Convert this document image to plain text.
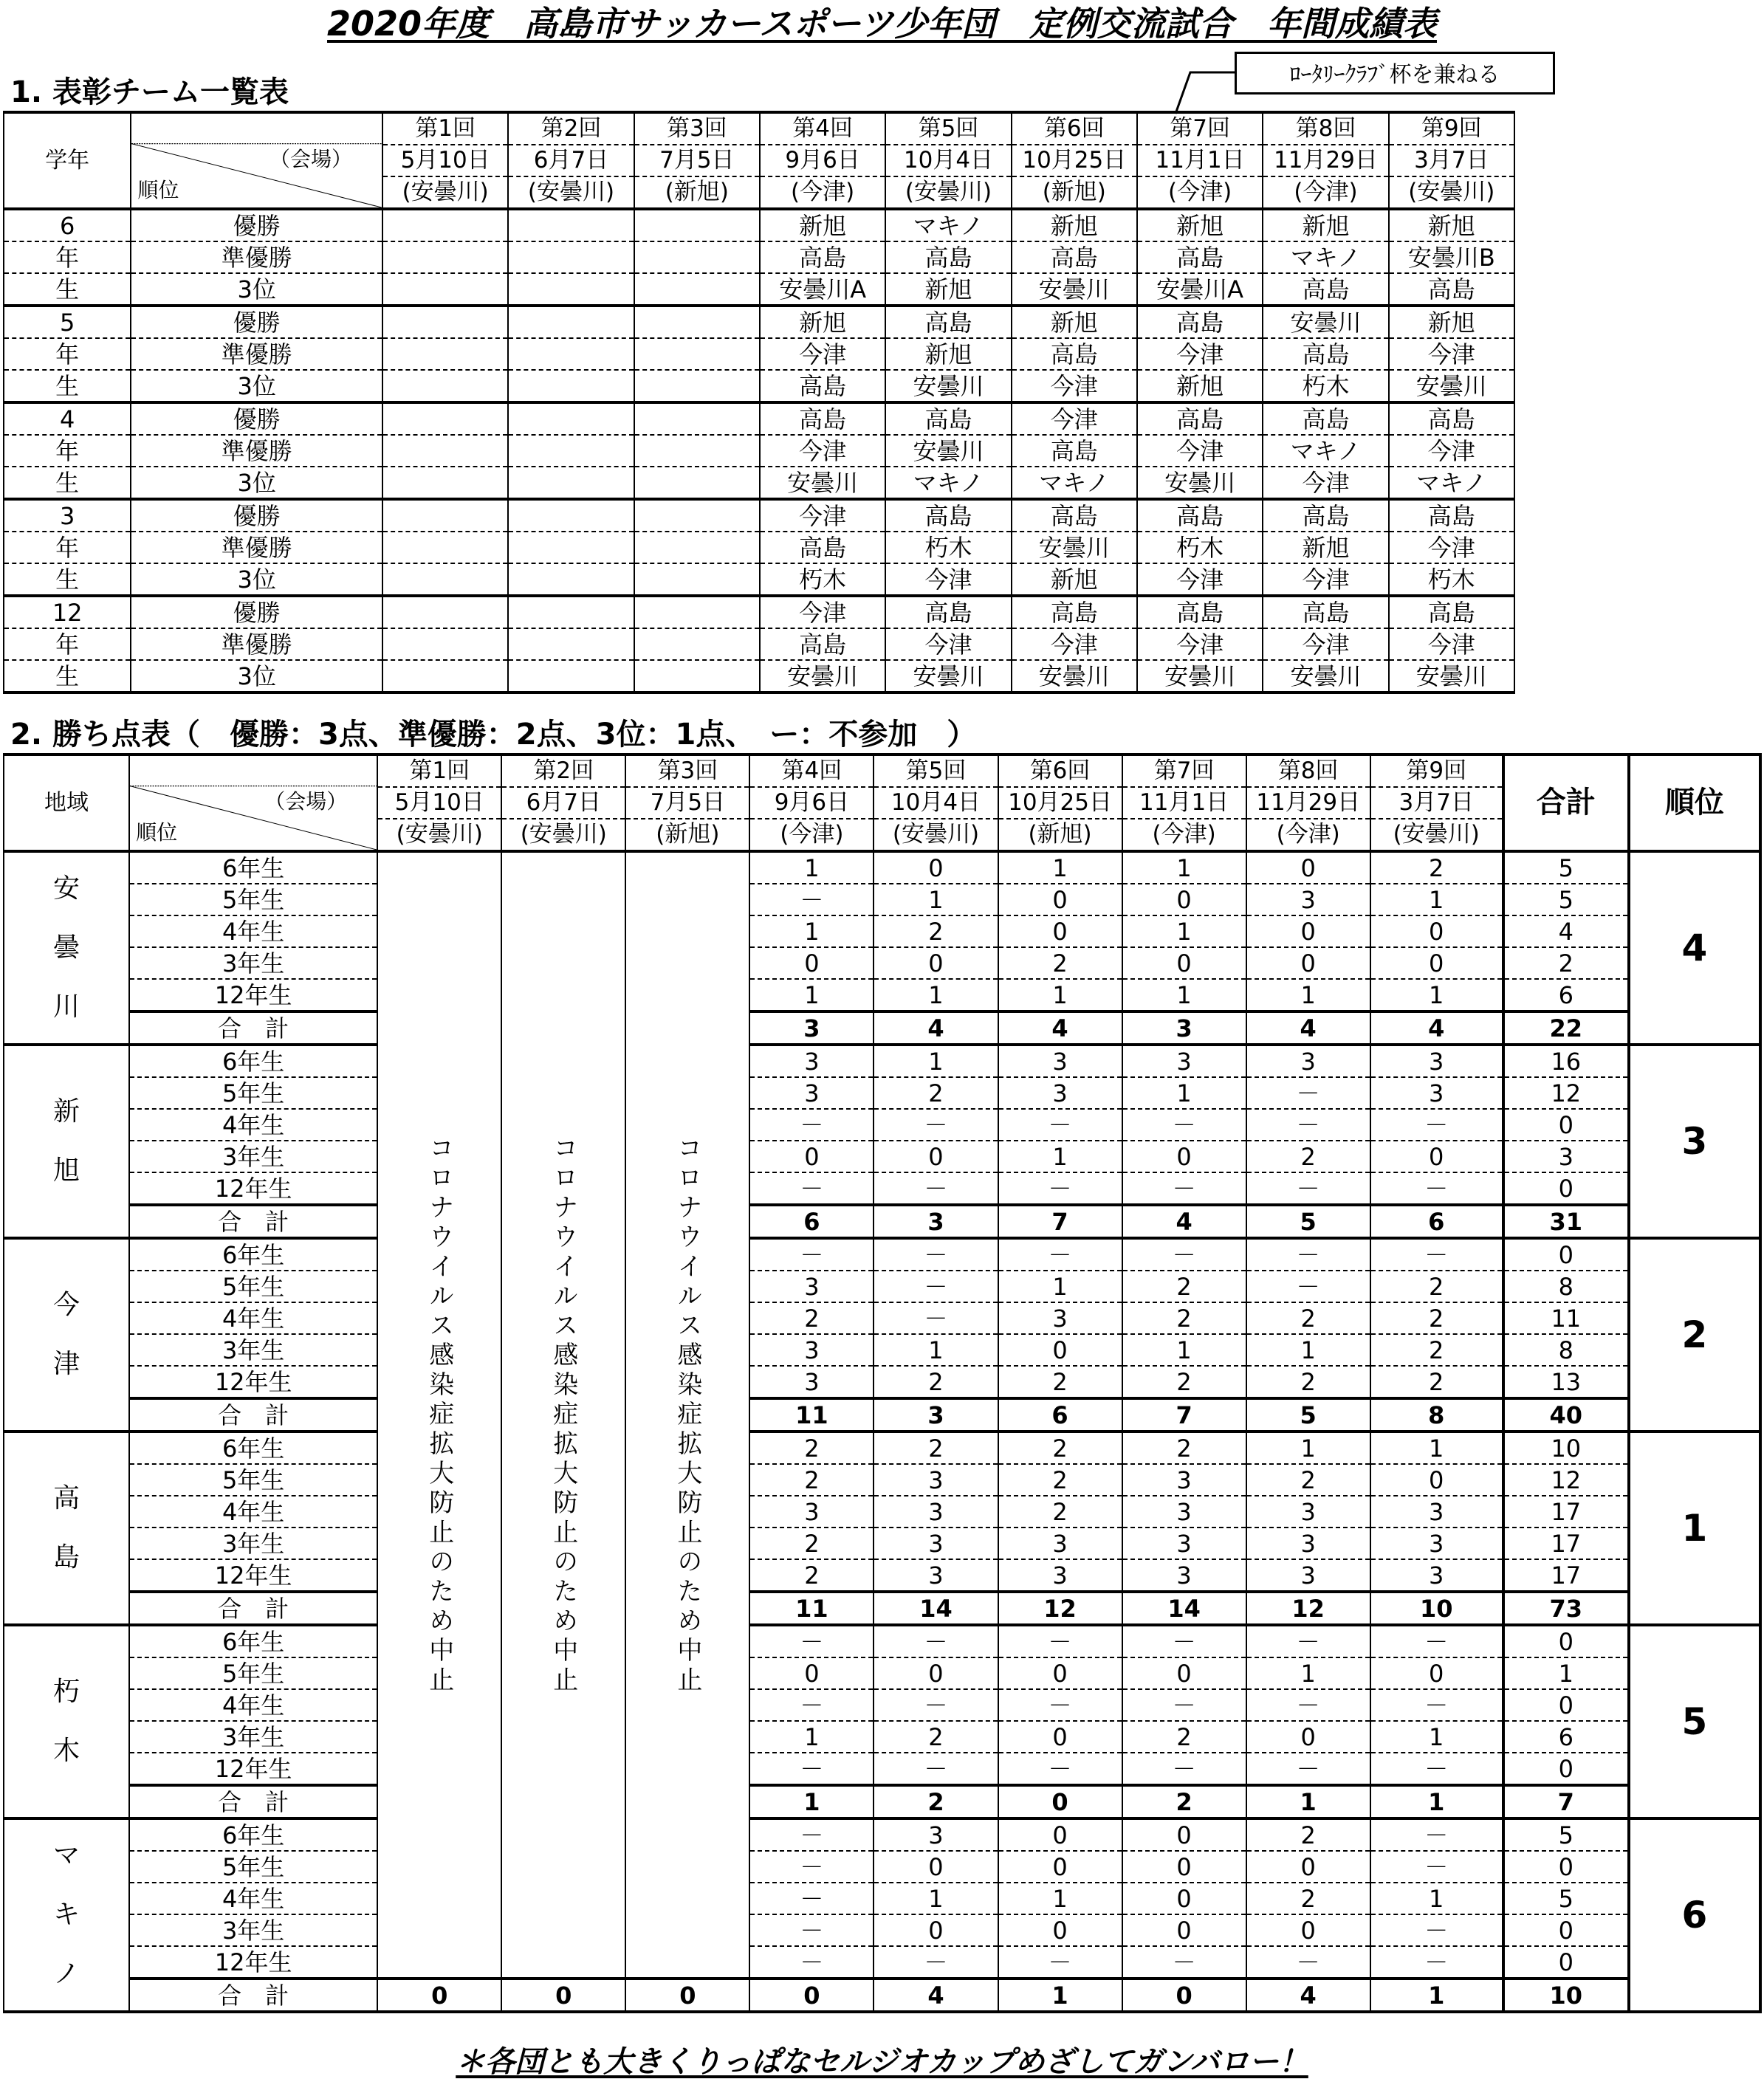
2020年度　高島市サッカースポーツ少年団　定例交流試合　年間成績表
1. 表彰チーム一覧表
ﾛｰﾀﾘｰｸﾗﾌﾞ杯を兼ねる
学年	（会場）
順位	第1回	第2回	第3回	第4回	第5回	第6回	第7回	第8回	第9回
		5月10日	6月7日	7月5日	9月6日	10月4日	10月25日	11月1日	11月29日	3月7日
		(安曇川)	(安曇川)	(新旭)	(今津)	(安曇川)	(新旭)	(今津)	(今津)	(安曇川)
6	優勝				新旭	マキノ	新旭	新旭	新旭	新旭
年	準優勝				高島	高島	高島	高島	マキノ	安曇川B
生	3位				安曇川A	新旭	安曇川	安曇川A	高島	高島
5	優勝				新旭	高島	新旭	高島	安曇川	新旭
年	準優勝				今津	新旭	高島	今津	高島	今津
生	3位				高島	安曇川	今津	新旭	朽木	安曇川
4	優勝				高島	高島	今津	高島	高島	高島
年	準優勝				今津	安曇川	高島	今津	マキノ	今津
生	3位				安曇川	マキノ	マキノ	安曇川	今津	マキノ
3	優勝				今津	高島	高島	高島	高島	高島
年	準優勝				高島	朽木	安曇川	朽木	新旭	今津
生	3位				朽木	今津	新旭	今津	今津	朽木
12	優勝				今津	高島	高島	高島	高島	高島
年	準優勝				高島	今津	今津	今津	今津	今津
生	3位				安曇川	安曇川	安曇川	安曇川	安曇川	安曇川
2. 勝ち点表（　優勝：3点、準優勝：2点、3位：1点、　ー：不参加　）
地域	（会場）
順位	第1回	第2回	第3回	第4回	第5回	第6回	第7回	第8回	第9回	合計	順位
		5月10日	6月7日	7月5日	9月6日	10月4日	10月25日	11月1日	11月29日	3月7日		
		(安曇川)	(安曇川)	(新旭)	(今津)	(安曇川)	(新旭)	(今津)	(今津)	(安曇川)		

安
曇
川	6年生	コロナウイルス感染症拡大防止のため中止	コロナウイルス感染症拡大防止のため中止	コロナウイルス感染症拡大防止のため中止	1	0	1	1	0	2	5	4
	5年生				－	1	0	0	3	1	5	
	4年生				1	2	0	1	0	0	4	
	3年生				0	0	2	0	0	0	2	
	12年生				1	1	1	1	1	1	6	
	合　計				3	4	4	3	4	4	22	

新
旭	6年生				3	1	3	3	3	3	16	3
	5年生				3	2	3	1	－	3	12	
	4年生				－	－	－	－	－	－	0	
	3年生				0	0	1	0	2	0	3	
	12年生				－	－	－	－	－	－	0	
	合　計				6	3	7	4	5	6	31	

今
津	6年生				－	－	－	－	－	－	0	2
	5年生				3	－	1	2	－	2	8	
	4年生				2	－	3	2	2	2	11	
	3年生				3	1	0	1	1	2	8	
	12年生				3	2	2	2	2	2	13	
	合　計				11	3	6	7	5	8	40	

高
島	6年生				2	2	2	2	1	1	10	1
	5年生				2	3	2	3	2	0	12	
	4年生				3	3	2	3	3	3	17	
	3年生				2	3	3	3	3	3	17	
	12年生				2	3	3	3	3	3	17	
	合　計				11	14	12	14	12	10	73	

朽
木	6年生				－	－	－	－	－	－	0	5
	5年生				0	0	0	0	1	0	1	
	4年生				－	－	－	－	－	－	0	
	3年生				1	2	0	2	0	1	6	
	12年生				－	－	－	－	－	－	0	
	合　計				1	2	0	2	1	1	7	

マ
キ
ノ	6年生				－	3	0	0	2	－	5	6
	5年生				－	0	0	0	0	－	0	
	4年生				－	1	1	0	2	1	5	
	3年生				－	0	0	0	0	－	0	
	12年生				－	－	－	－	－	－	0	
	合　計	0	0	0	0	4	1	0	4	1	10	
＊各団とも大きくりっぱなセルジオカップめざしてガンバロー！
